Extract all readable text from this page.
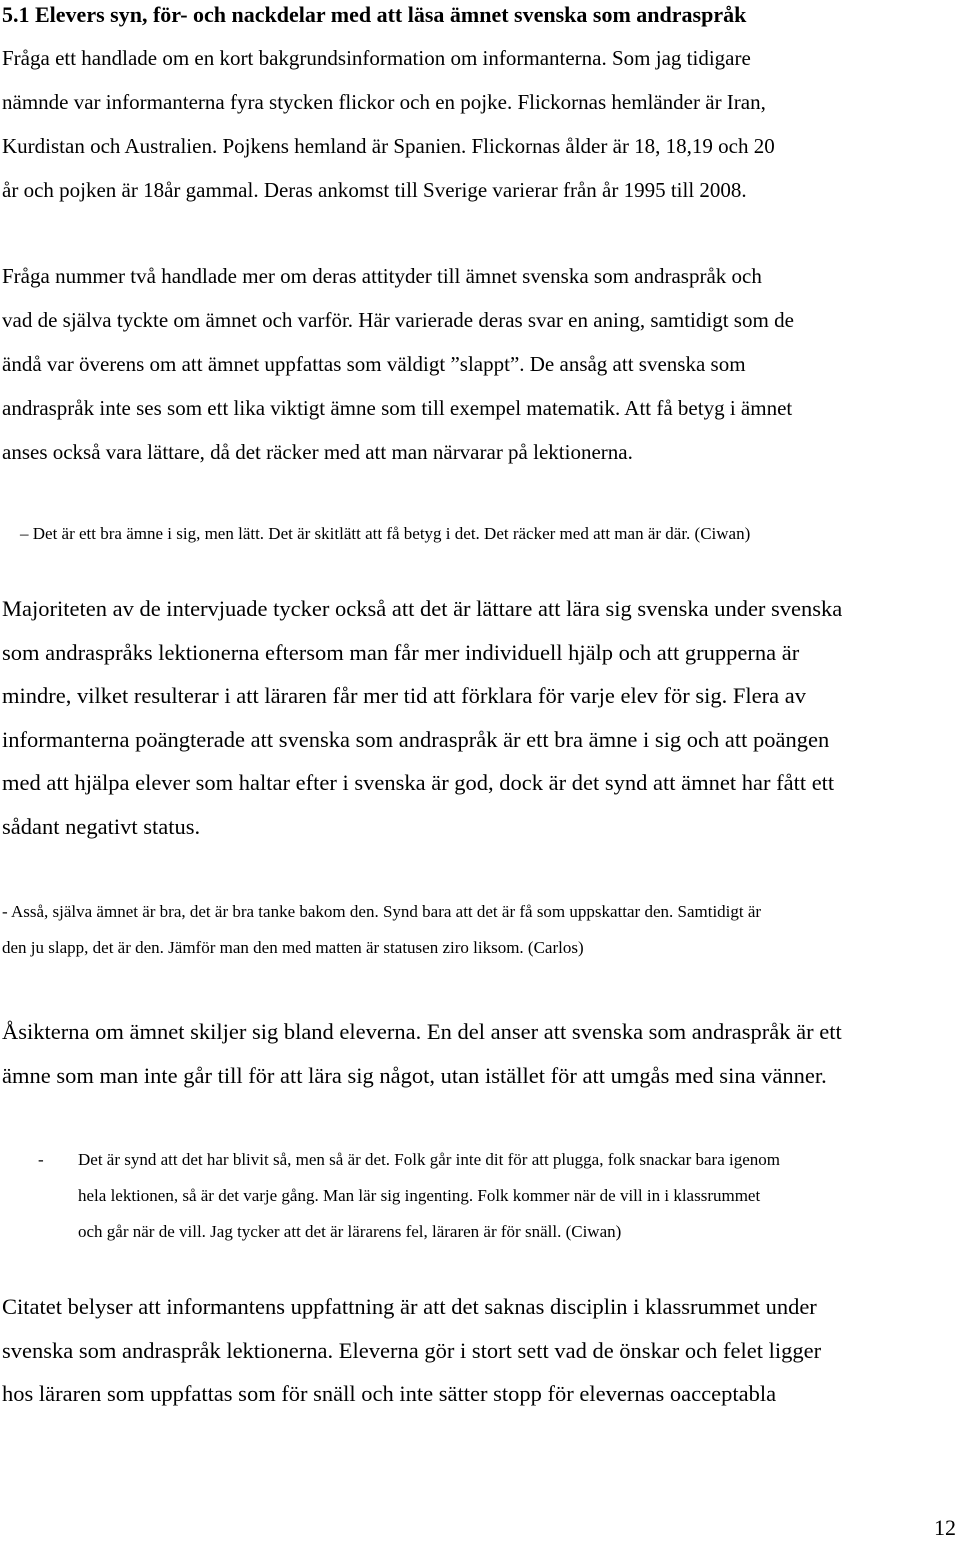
5.1 Elevers syn, för- och nackdelar med att läsa ämnet svenska som andraspråk

Fråga ett handlade om en kort bakgrundsinformation om informanterna. Som jag tidigare
nämnde var informanterna fyra stycken flickor och en pojke. Flickornas hemländer är Iran,
Kurdistan och Australien. Pojkens hemland är Spanien. Flickornas ålder är 18, 18,19 och 20
år och pojken är 18år gammal. Deras ankomst till Sverige varierar från år 1995 till 2008.

Fråga nummer två handlade mer om deras attityder till ämnet svenska som andraspråk och
vad de själva tyckte om ämnet och varför. Här varierade deras svar en aning, samtidigt som de
ändå var överens om att ämnet uppfattas som väldigt ”slappt”. De ansåg att svenska som
andraspråk inte ses som ett lika viktigt ämne som till exempel matematik. Att få betyg i ämnet
anses också vara lättare, då det räcker med att man närvarar på lektionerna.

– Det är ett bra ämne i sig, men lätt. Det är skitlätt att få betyg i det. Det räcker med att man är där. (Ciwan)

Majoriteten av de intervjuade tycker också att det är lättare att lära sig svenska under svenska
som andraspråks lektionerna eftersom man får mer individuell hjälp och att grupperna är
mindre, vilket resulterar i att läraren får mer tid att förklara för varje elev för sig. Flera av
informanterna poängterade att svenska som andraspråk är ett bra ämne i sig och att poängen
med att hjälpa elever som haltar efter i svenska är god, dock är det synd att ämnet har fått ett
sådant negativt status.

- Asså, själva ämnet är bra, det är bra tanke bakom den. Synd bara att det är få som uppskattar den. Samtidigt är
den ju slapp, det är den. Jämför man den med matten är statusen ziro liksom. (Carlos)

Åsikterna om ämnet skiljer sig bland eleverna. En del anser att svenska som andraspråk är ett
ämne som man inte går till för att lära sig något, utan istället för att umgås med sina vänner.

- Det är synd att det har blivit så, men så är det. Folk går inte dit för att plugga, folk snackar bara igenom
hela lektionen, så är det varje gång. Man lär sig ingenting. Folk kommer när de vill in i klassrummet
och går när de vill. Jag tycker att det är lärarens fel, läraren är för snäll. (Ciwan)

Citatet belyser att informantens uppfattning är att det saknas disciplin i klassrummet under
svenska som andraspråk lektionerna. Eleverna gör i stort sett vad de önskar och felet ligger
hos läraren som uppfattas som för snäll och inte sätter stopp för elevernas oacceptabla

12
